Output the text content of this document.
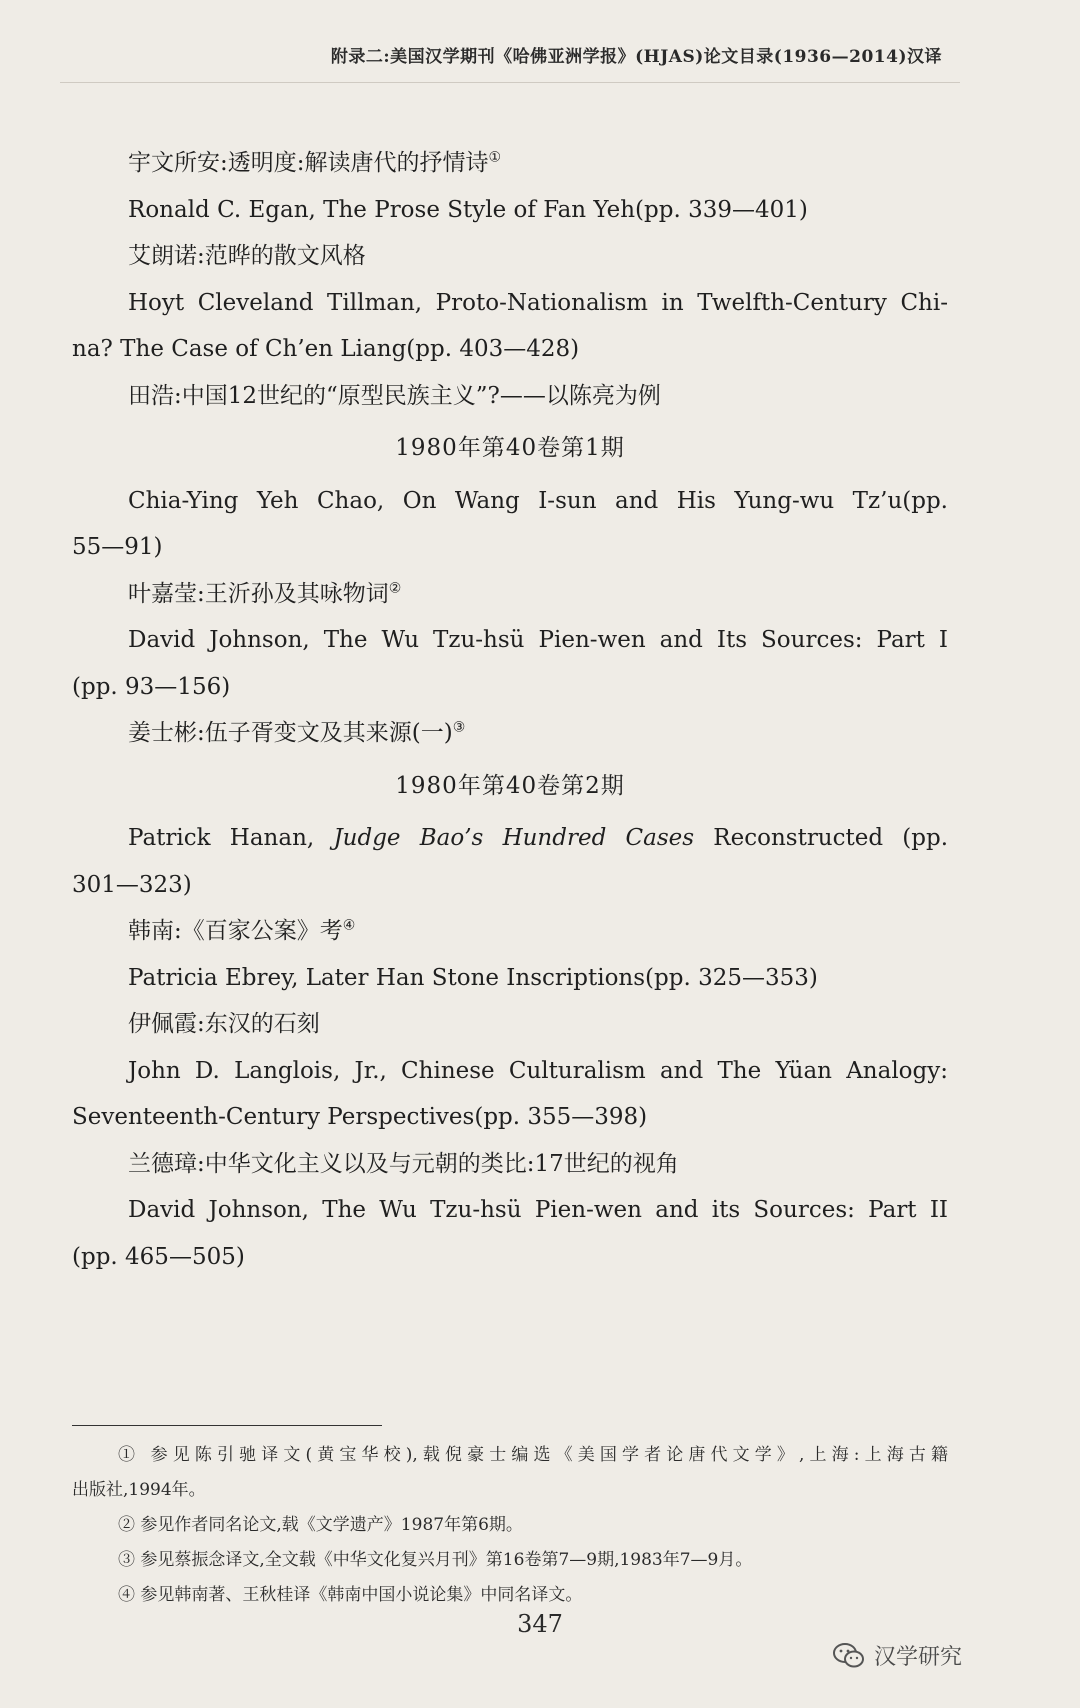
附录二:美国汉学期刊《哈佛亚洲学报》(HJAS)论文目录(1936—2014)汉译
宇文所安:透明度:解读唐代的抒情诗①
Ronald C. Egan, The Prose Style of Fan Yeh(pp. 339—401)
艾朗诺:范晔的散文风格
Hoyt Cleveland Tillman, Proto-Nationalism in Twelfth-Century Chi-
na? The Case of Ch’en Liang(pp. 403—428)
田浩:中国12世纪的“原型民族主义”?——以陈亮为例
1980年第40卷第1期
Chia-Ying Yeh Chao, On Wang I-sun and His Yung-wu Tz’u(pp.
55—91)
叶嘉莹:王沂孙及其咏物词②
David Johnson, The Wu Tzu-hsü Pien-wen and Its Sources: Part I
(pp. 93—156)
姜士彬:伍子胥变文及其来源(一)③
1980年第40卷第2期
Patrick Hanan, Judge Bao’s Hundred Cases Reconstructed (pp.
301—323)
韩南:《百家公案》考④
Patricia Ebrey, Later Han Stone Inscriptions(pp. 325—353)
伊佩霞:东汉的石刻
John D. Langlois, Jr., Chinese Culturalism and The Yüan Analogy:
Seventeenth-Century Perspectives(pp. 355—398)
兰德璋:中华文化主义以及与元朝的类比:17世纪的视角
David Johnson, The Wu Tzu-hsü Pien-wen and its Sources: Part II
(pp. 465—505)
① 参见陈引驰译文(黄宝华校),载倪豪士编选《美国学者论唐代文学》,上海:上海古籍
出版社,1994年。
② 参见作者同名论文,载《文学遗产》1987年第6期。
③ 参见蔡振念译文,全文载《中华文化复兴月刊》第16卷第7—9期,1983年7—9月。
④ 参见韩南著、王秋桂译《韩南中国小说论集》中同名译文。
347
汉学研究
